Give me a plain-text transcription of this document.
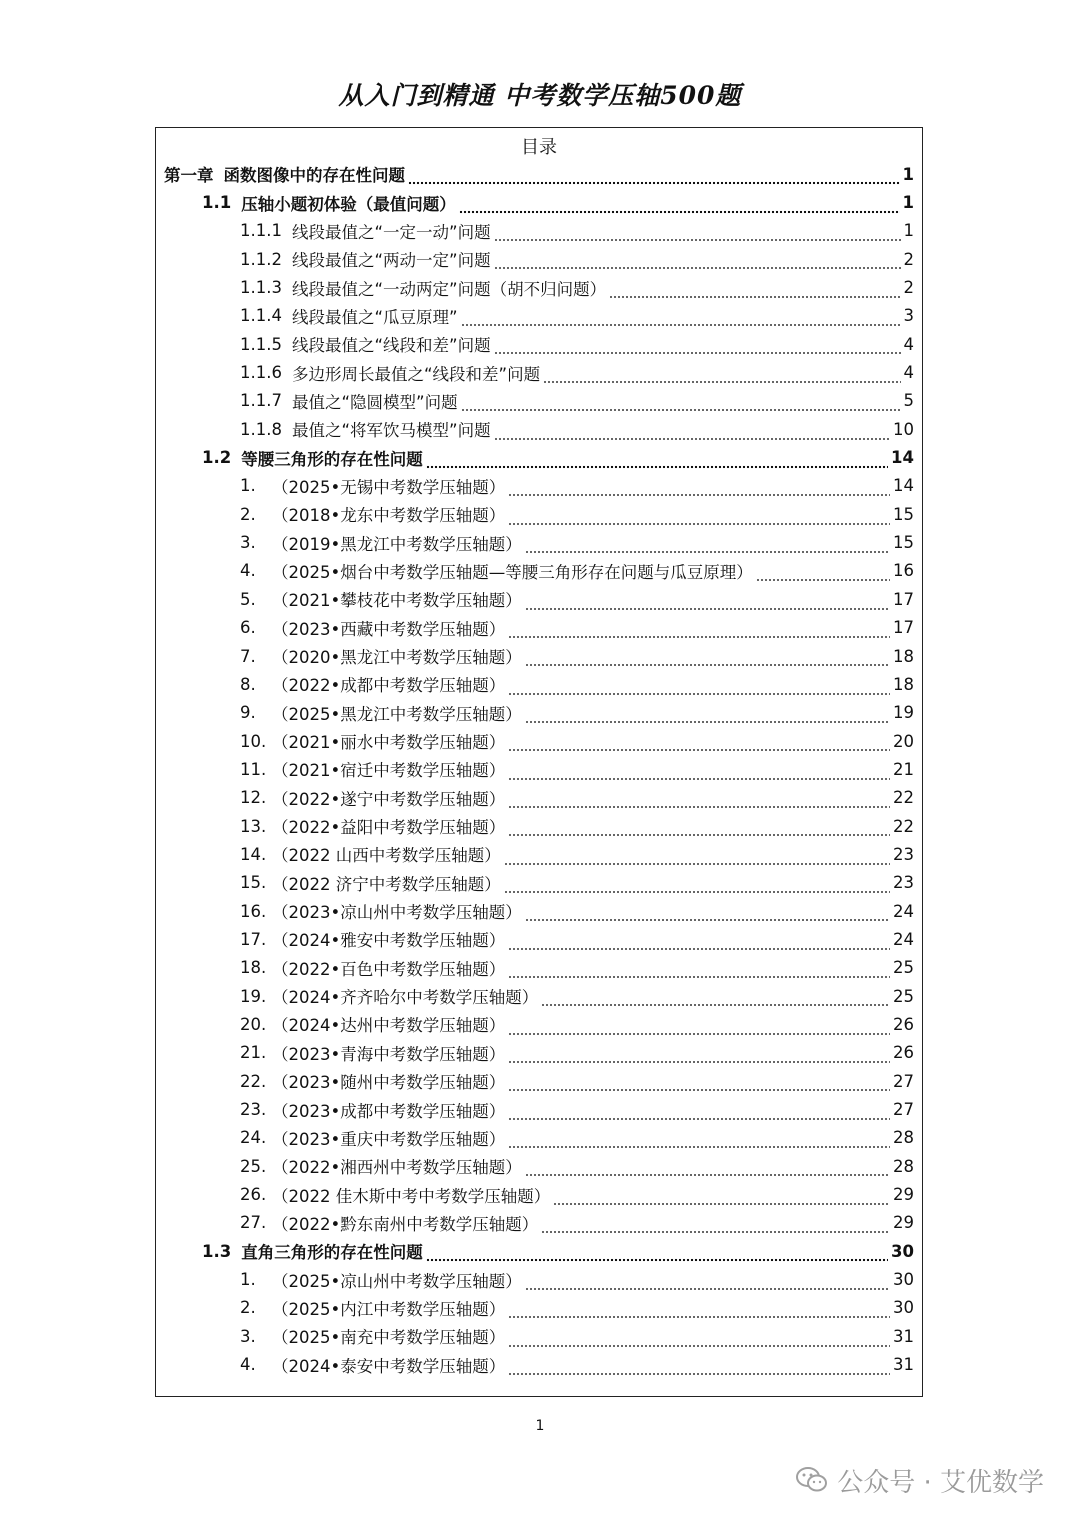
从入门到精通 中考数学压轴500题
目录
第一章 函数图像中的存在性问题	1
1.1 压轴小题初体验（最值问题）	1
1.1.1 线段最值之“一定一动”问题	1
1.1.2 线段最值之“两动一定”问题	2
1.1.3 线段最值之“一动两定”问题（胡不归问题）	2
1.1.4 线段最值之“瓜豆原理”	3
1.1.5 线段最值之“线段和差”问题	4
1.1.6 多边形周长最值之“线段和差”问题	4
1.1.7 最值之“隐圆模型”问题	5
1.1.8 最值之“将军饮马模型”问题	10
1.2 等腰三角形的存在性问题	14
1. （2025•无锡中考数学压轴题）	14
2. （2018•龙东中考数学压轴题）	15
3. （2019•黑龙江中考数学压轴题）	15
4. （2025•烟台中考数学压轴题—等腰三角形存在问题与瓜豆原理）	16
5. （2021•攀枝花中考数学压轴题）	17
6. （2023•西藏中考数学压轴题）	17
7. （2020•黑龙江中考数学压轴题）	18
8. （2022•成都中考数学压轴题）	18
9. （2025•黑龙江中考数学压轴题）	19
10. （2021•丽水中考数学压轴题）	20
11. （2021•宿迁中考数学压轴题）	21
12. （2022•遂宁中考数学压轴题）	22
13. （2022•益阳中考数学压轴题）	22
14. （2022 山西中考数学压轴题）	23
15. （2022 济宁中考数学压轴题）	23
16. （2023•凉山州中考数学压轴题）	24
17. （2024•雅安中考数学压轴题）	24
18. （2022•百色中考数学压轴题）	25
19. （2024•齐齐哈尔中考数学压轴题）	25
20. （2024•达州中考数学压轴题）	26
21. （2023•青海中考数学压轴题）	26
22. （2023•随州中考数学压轴题）	27
23. （2023•成都中考数学压轴题）	27
24. （2023•重庆中考数学压轴题）	28
25. （2022•湘西州中考数学压轴题）	28
26. （2022 佳木斯中考中考数学压轴题）	29
27. （2022•黔东南州中考数学压轴题）	29
1.3 直角三角形的存在性问题	30
1. （2025•凉山州中考数学压轴题）	30
2. （2025•内江中考数学压轴题）	30
3. （2025•南充中考数学压轴题）	31
4. （2024•泰安中考数学压轴题）	31
1
公众号 · 艾优数学
